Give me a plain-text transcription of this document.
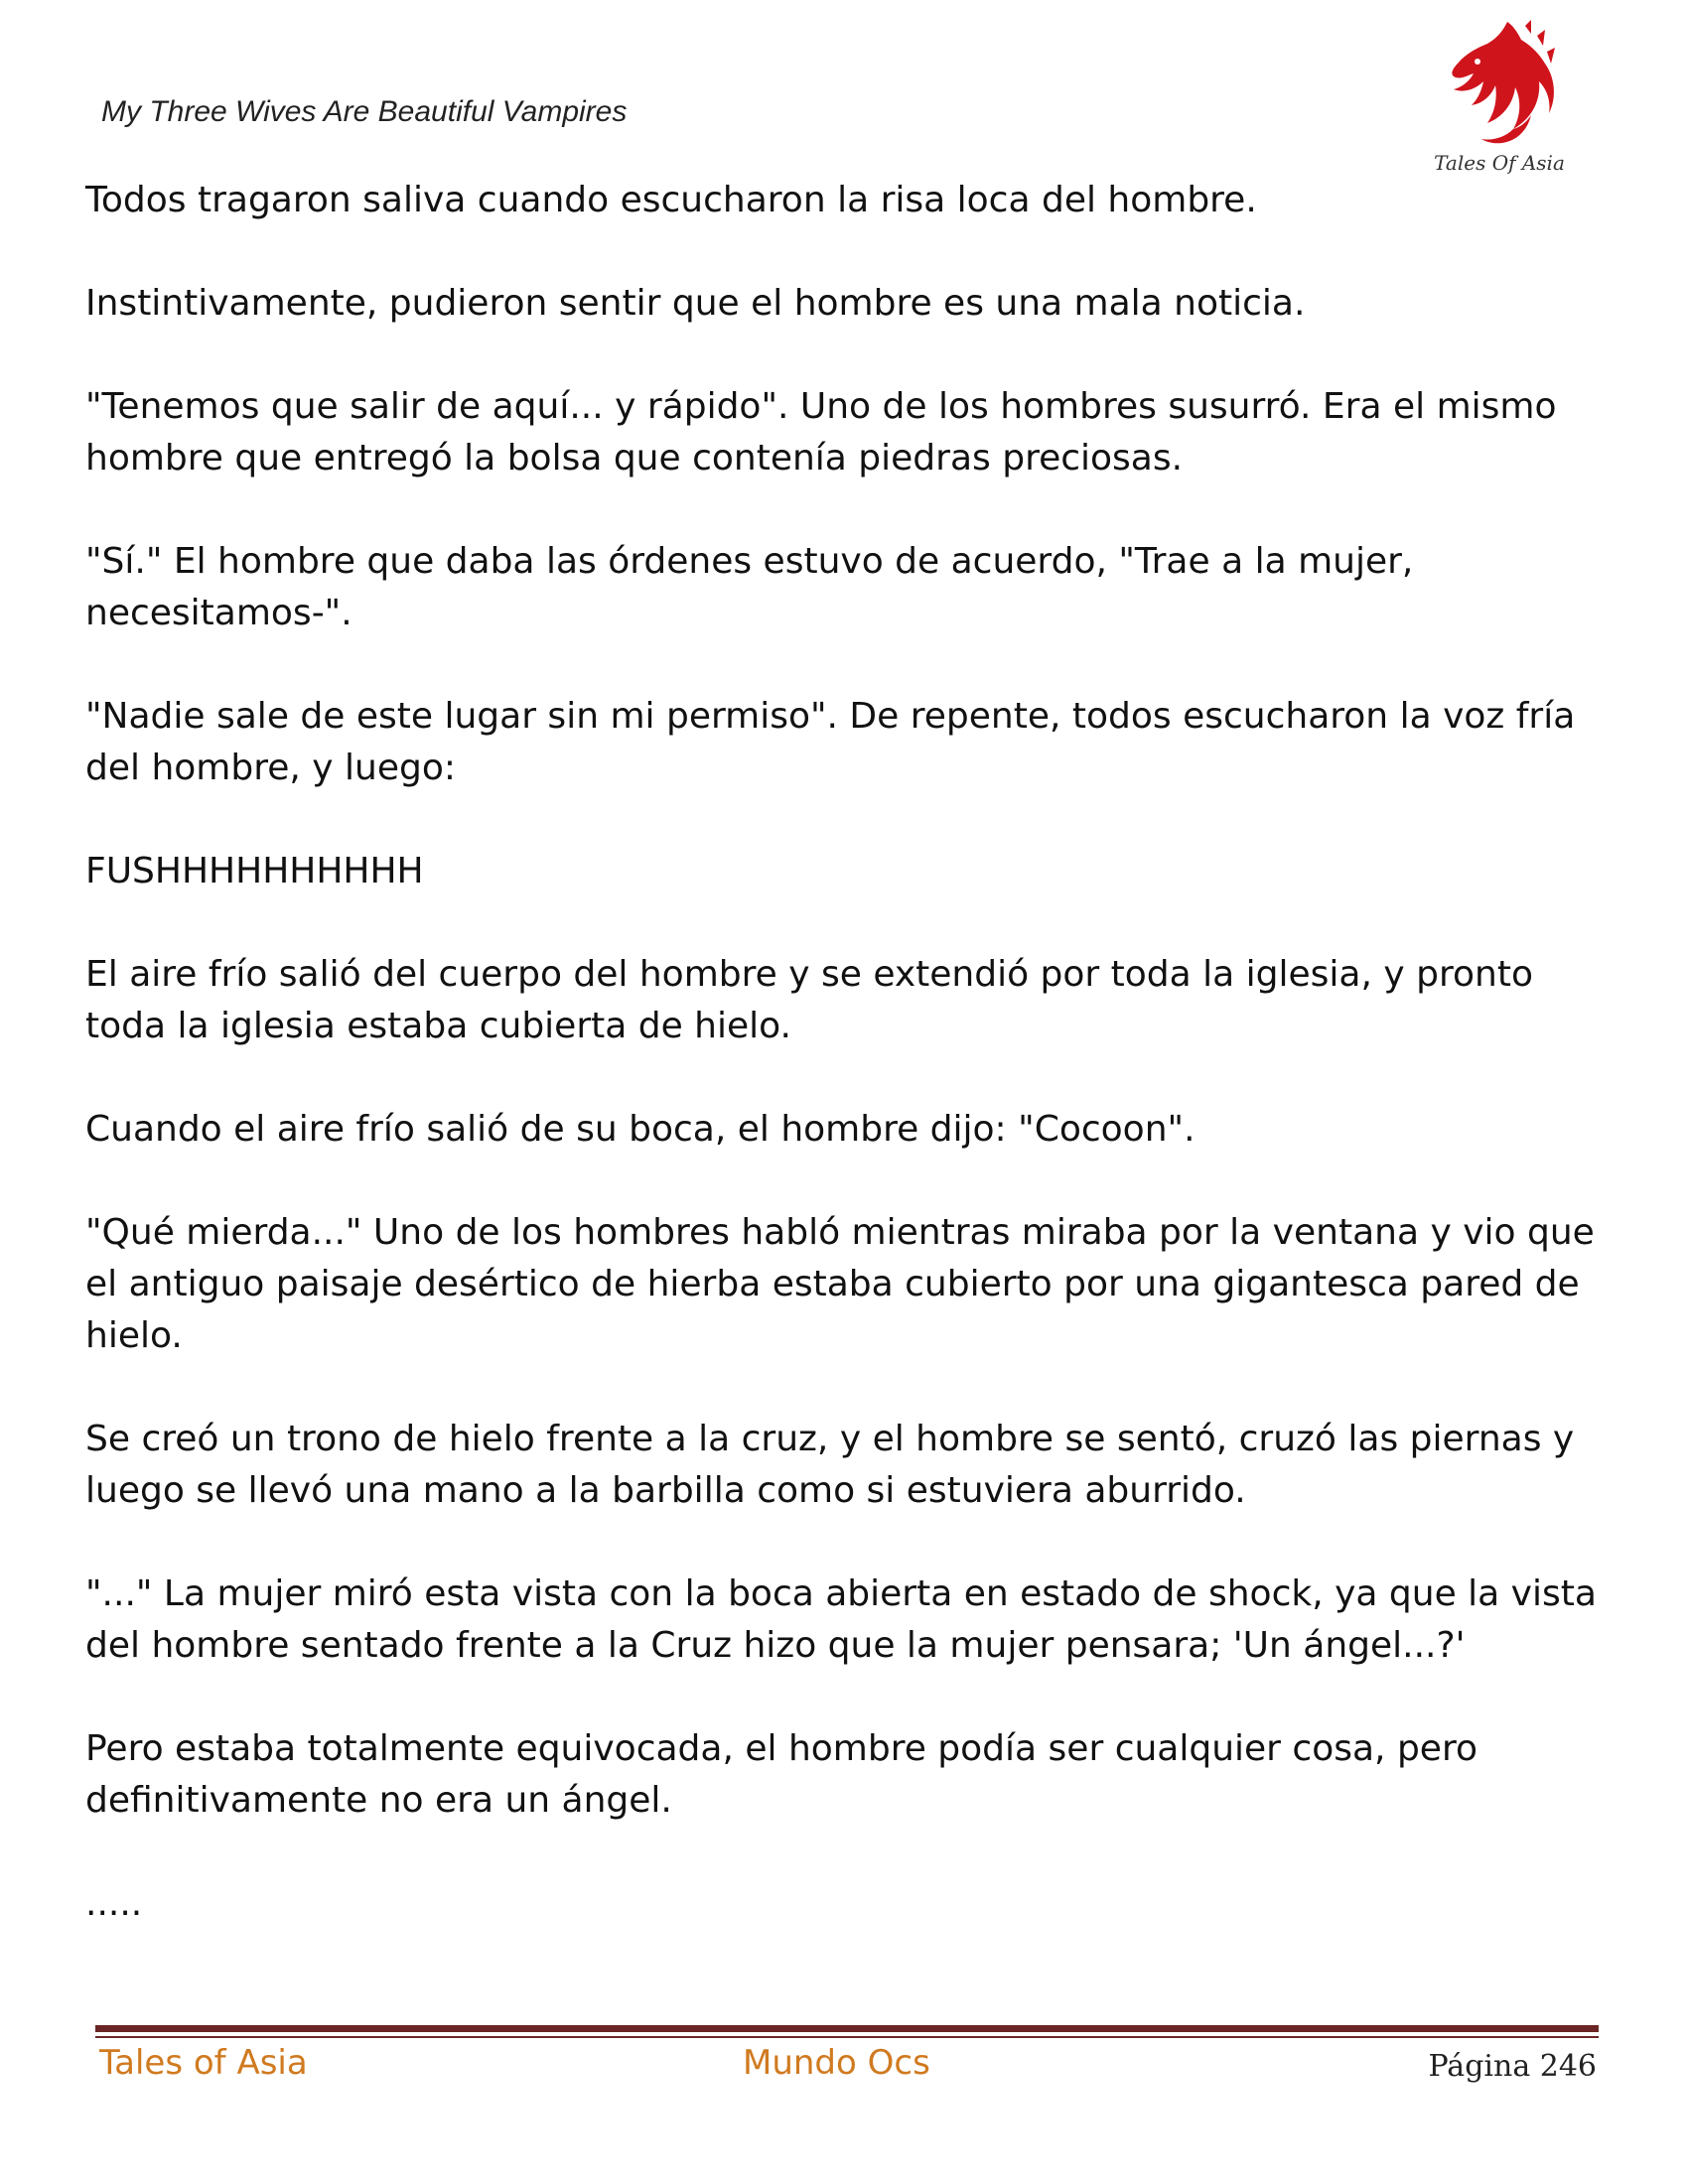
My Three Wives Are Beautiful Vampires
Tales Of Asia

Todos tragaron saliva cuando escucharon la risa loca del hombre.

Instintivamente, pudieron sentir que el hombre es una mala noticia.

"Tenemos que salir de aquí... y rápido". Uno de los hombres susurró. Era el mismo hombre que entregó la bolsa que contenía piedras preciosas.

"Sí." El hombre que daba las órdenes estuvo de acuerdo, "Trae a la mujer, necesitamos-".

"Nadie sale de este lugar sin mi permiso". De repente, todos escucharon la voz fría del hombre, y luego:

FUSHHHHHHHHHH

El aire frío salió del cuerpo del hombre y se extendió por toda la iglesia, y pronto toda la iglesia estaba cubierta de hielo.

Cuando el aire frío salió de su boca, el hombre dijo: "Cocoon".

"Qué mierda..." Uno de los hombres habló mientras miraba por la ventana y vio que el antiguo paisaje desértico de hierba estaba cubierto por una gigantesca pared de hielo.

Se creó un trono de hielo frente a la cruz, y el hombre se sentó, cruzó las piernas y luego se llevó una mano a la barbilla como si estuviera aburrido.

"..." La mujer miró esta vista con la boca abierta en estado de shock, ya que la vista del hombre sentado frente a la Cruz hizo que la mujer pensara; 'Un ángel...?'

Pero estaba totalmente equivocada, el hombre podía ser cualquier cosa, pero definitivamente no era un ángel.

.....

Tales of Asia	Mundo Ocs	Página 246
